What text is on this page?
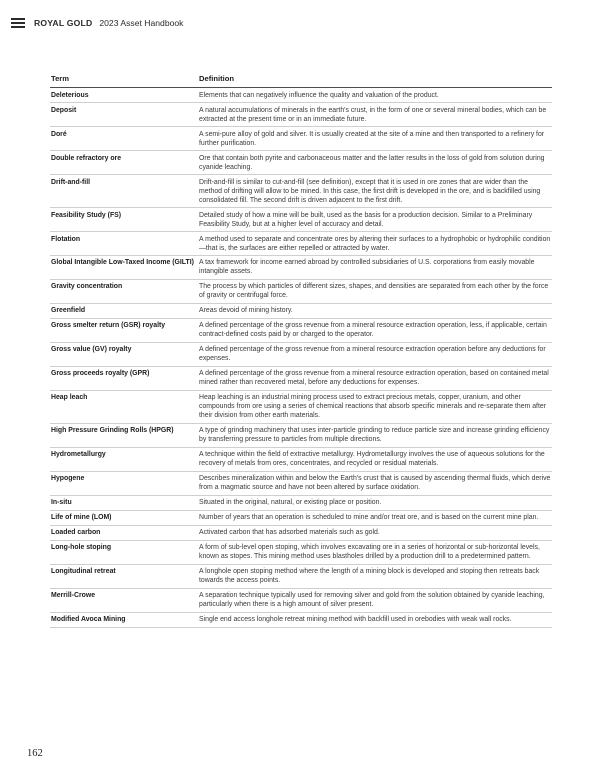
ROYAL GOLD 2023 Asset Handbook
Term	Definition
Deleterious	Elements that can negatively influence the quality and valuation of the product.
Deposit	A natural accumulations of minerals in the earth's crust, in the form of one or several mineral bodies, which can be extracted at the present time or in an immediate future.
Doré	A semi-pure alloy of gold and silver. It is usually created at the site of a mine and then transported to a refinery for further purification.
Double refractory ore	Ore that contain both pyrite and carbonaceous matter and the latter results in the loss of gold from solution during cyanide leaching.
Drift-and-fill	Drift-and-fill is similar to cut-and-fill (see definition), except that it is used in ore zones that are wider than the method of drifting will allow to be mined. In this case, the first drift is developed in the ore, and is backfilled using consolidated fill. The second drift is driven adjacent to the first drift.
Feasibility Study (FS)	Detailed study of how a mine will be built, used as the basis for a production decision. Similar to a Preliminary Feasibility Study, but at a higher level of accuracy and detail.
Flotation	A method used to separate and concentrate ores by altering their surfaces to a hydrophobic or hydrophilic condition—that is, the surfaces are either repelled or attracted by water.
Global Intangible Low-Taxed Income (GILTI)	A tax framework for income earned abroad by controlled subsidiaries of U.S. corporations from easily movable intangible assets.
Gravity concentration	The process by which particles of different sizes, shapes, and densities are separated from each other by the force of gravity or centrifugal force.
Greenfield	Areas devoid of mining history.
Gross smelter return (GSR) royalty	A defined percentage of the gross revenue from a mineral resource extraction operation, less, if applicable, certain contract-defined costs paid by or charged to the operator.
Gross value (GV) royalty	A defined percentage of the gross revenue from a mineral resource extraction operation before any deductions for expenses.
Gross proceeds royalty (GPR)	A defined percentage of the gross revenue from a mineral resource extraction operation, based on contained metal mined rather than recovered metal, before any deductions for expenses.
Heap leach	Heap leaching is an industrial mining process used to extract precious metals, copper, uranium, and other compounds from ore using a series of chemical reactions that absorb specific minerals and re-separate them after their division from other earth materials.
High Pressure Grinding Rolls (HPGR)	A type of grinding machinery that uses inter-particle grinding to reduce particle size and increase grinding efficiency by transferring pressure to particles from multiple directions.
Hydrometallurgy	A technique within the field of extractive metallurgy. Hydrometallurgy involves the use of aqueous solutions for the recovery of metals from ores, concentrates, and recycled or residual materials.
Hypogene	Describes mineralization within and below the Earth's crust that is caused by ascending thermal fluids, which derive from a magmatic source and have not been altered by surface oxidation.
In-situ	Situated in the original, natural, or existing place or position.
Life of mine (LOM)	Number of years that an operation is scheduled to mine and/or treat ore, and is based on the current mine plan.
Loaded carbon	Activated carbon that has adsorbed materials such as gold.
Long-hole stoping	A form of sub-level open stoping, which involves excavating ore in a series of horizontal or sub-horizontal levels, known as stopes. This mining method uses blastholes drilled by a production drill to a predetermined pattern.
Longitudinal retreat	A longhole open stoping method where the length of a mining block is developed and stoping then retreats back towards the access points.
Merrill-Crowe	A separation technique typically used for removing silver and gold from the solution obtained by cyanide leaching, particularly when there is a high amount of silver present.
Modified Avoca Mining	Single end access longhole retreat mining method with backfill used in orebodies with weak wall rocks.
162
